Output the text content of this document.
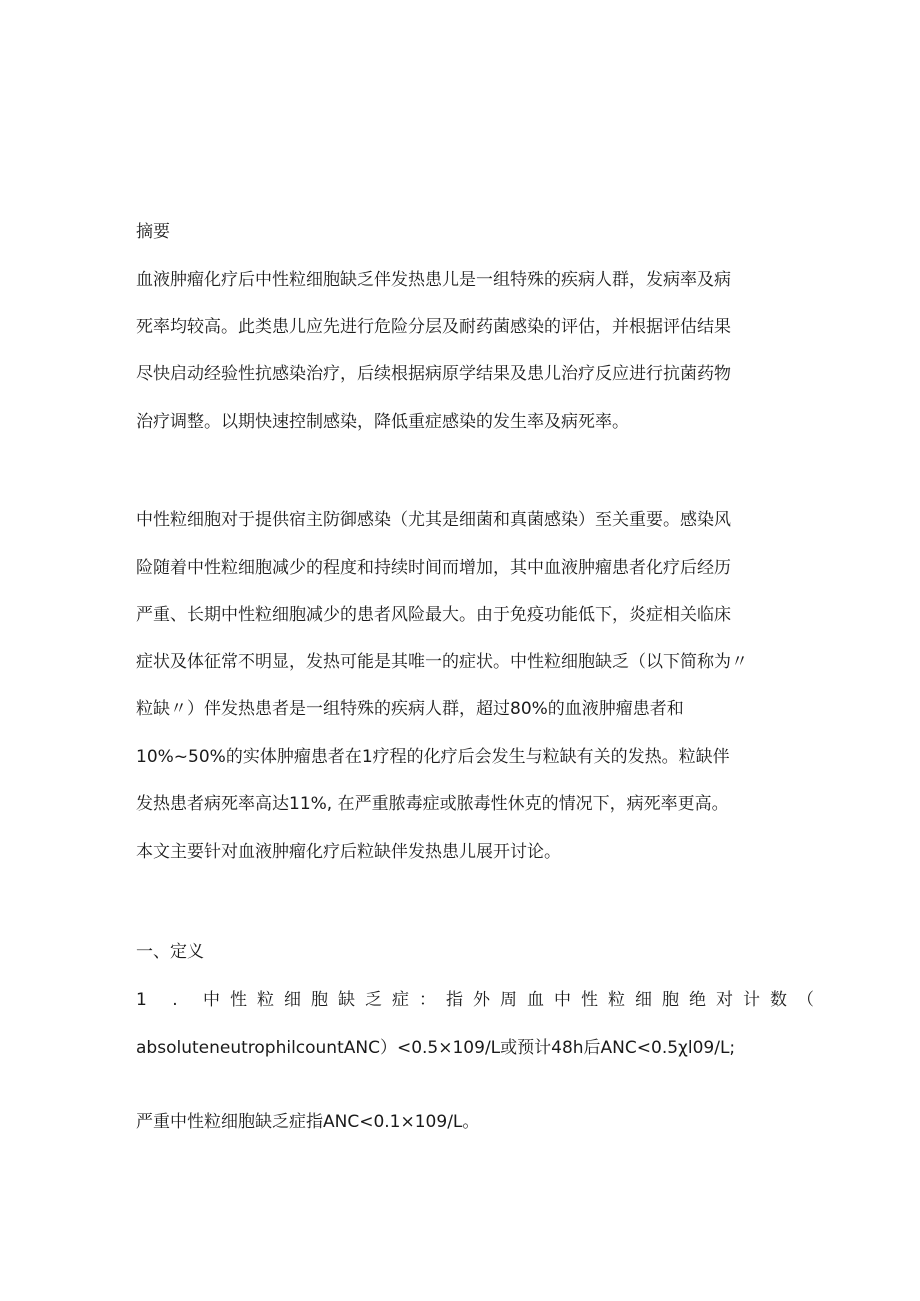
摘要
血液肿瘤化疗后中性粒细胞缺乏伴发热患儿是一组特殊的疾病人群，发病率及病
死率均较高。此类患儿应先进行危险分层及耐药菌感染的评估，并根据评估结果
尽快启动经验性抗感染治疗，后续根据病原学结果及患儿治疗反应进行抗菌药物
治疗调整。以期快速控制感染，降低重症感染的发生率及病死率。
中性粒细胞对于提供宿主防御感染（尤其是细菌和真菌感染）至关重要。感染风
险随着中性粒细胞减少的程度和持续时间而增加，其中血液肿瘤患者化疗后经历
严重、长期中性粒细胞减少的患者风险最大。由于免疫功能低下，炎症相关临床
症状及体征常不明显，发热可能是其唯一的症状。中性粒细胞缺乏（以下简称为〃
粒缺〃）伴发热患者是一组特殊的疾病人群，超过80%的血液肿瘤患者和
10%~50%的实体肿瘤患者在1疗程的化疗后会发生与粒缺有关的发热。粒缺伴
发热患者病死率高达11%, 在严重脓毒症或脓毒性休克的情况下，病死率更高。
本文主要针对血液肿瘤化疗后粒缺伴发热患儿展开讨论。
一、定义
1 . 中性粒细胞缺乏症：指外周血中性粒细胞绝对计数（
absoluteneutrophilcountANC）<0.5×109∕L或预计48h后ANC<0.5χl09∕L;
严重中性粒细胞缺乏症指ANC<0.1×109∕L。
